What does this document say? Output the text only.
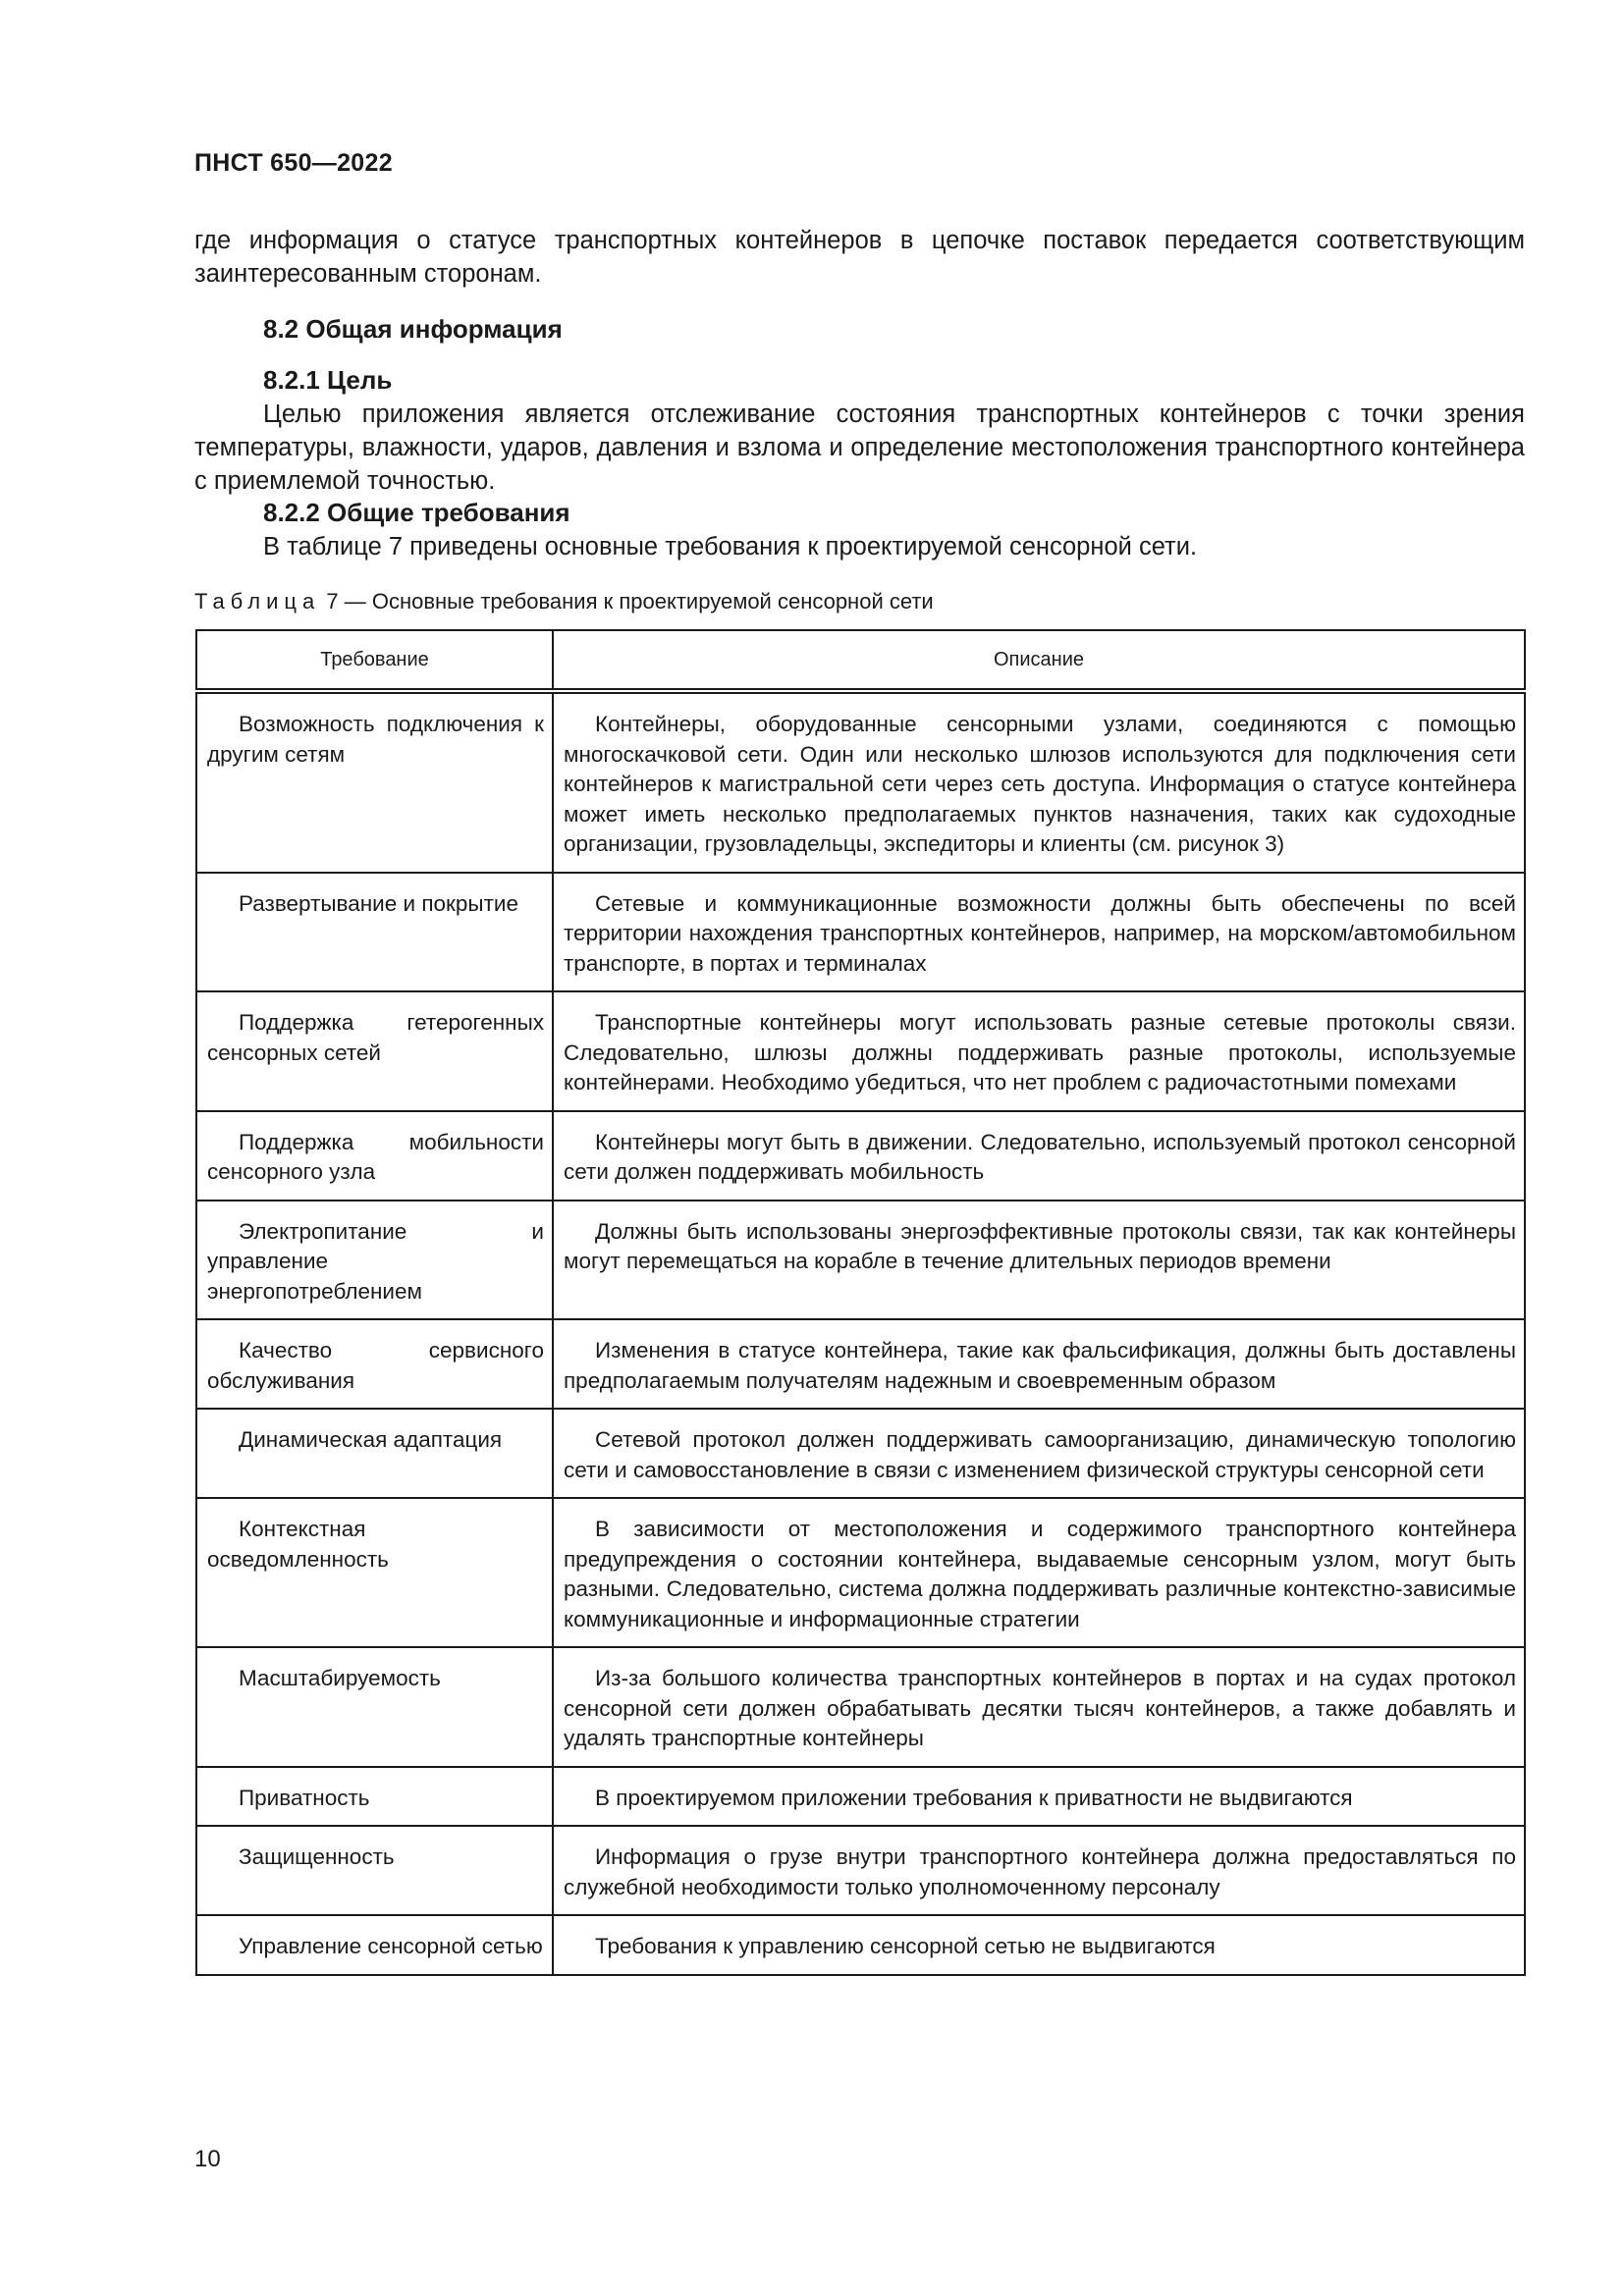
ПНСТ 650—2022
где информация о статусе транспортных контейнеров в цепочке поставок передается соответствующим заинтересованным сторонам.
8.2 Общая информация
8.2.1 Цель
Целью приложения является отслеживание состояния транспортных контейнеров с точки зрения температуры, влажности, ударов, давления и взлома и определение местоположения транспортного контейнера с приемлемой точностью.
8.2.2 Общие требования
В таблице 7 приведены основные требования к проектируемой сенсорной сети.
Таблица 7 — Основные требования к проектируемой сенсорной сети
Требование	Описание

Возможность подключения к другим сетям	Контейнеры, оборудованные сенсорными узлами, соединяются с помощью многоскачковой сети. Один или несколько шлюзов используются для подключения сети контейнеров к магистральной сети через сеть доступа. Информация о статусе контейнера может иметь несколько предполагаемых пунктов назначения, таких как судоходные организации, грузовладельцы, экспедиторы и клиенты (см. рисунок 3)

Развертывание и покрытие	Сетевые и коммуникационные возможности должны быть обеспечены по всей территории нахождения транспортных контейнеров, например, на морском/автомобильном транспорте, в портах и терминалах

Поддержка гетерогенных сенсорных сетей	Транспортные контейнеры могут использовать разные сетевые протоколы связи. Следовательно, шлюзы должны поддерживать разные протоколы, используемые контейнерами. Необходимо убедиться, что нет проблем с радиочастотными помехами

Поддержка мобильности сенсорного узла	Контейнеры могут быть в движении. Следовательно, используемый протокол сенсорной сети должен поддерживать мобильность

Электропитание и управление энергопотреблением	Должны быть использованы энергоэффективные протоколы связи, так как контейнеры могут перемещаться на корабле в течение длительных периодов времени

Качество сервисного обслуживания	Изменения в статусе контейнера, такие как фальсификация, должны быть доставлены предполагаемым получателям надежным и своевременным образом

Динамическая адаптация	Сетевой протокол должен поддерживать самоорганизацию, динамическую топологию сети и самовосстановление в связи с изменением физической структуры сенсорной сети

Контекстная осведомленность	В зависимости от местоположения и содержимого транспортного контейнера предупреждения о состоянии контейнера, выдаваемые сенсорным узлом, могут быть разными. Следовательно, система должна поддерживать различные контекстно-зависимые коммуникационные и информационные стратегии

Масштабируемость	Из-за большого количества транспортных контейнеров в портах и на судах протокол сенсорной сети должен обрабатывать десятки тысяч контейнеров, а также добавлять и удалять транспортные контейнеры

Приватность	В проектируемом приложении требования к приватности не выдвигаются

Защищенность	Информация о грузе внутри транспортного контейнера должна предоставляться по служебной необходимости только уполномоченному персоналу

Управление сенсорной сетью	Требования к управлению сенсорной сетью не выдвигаются
10
